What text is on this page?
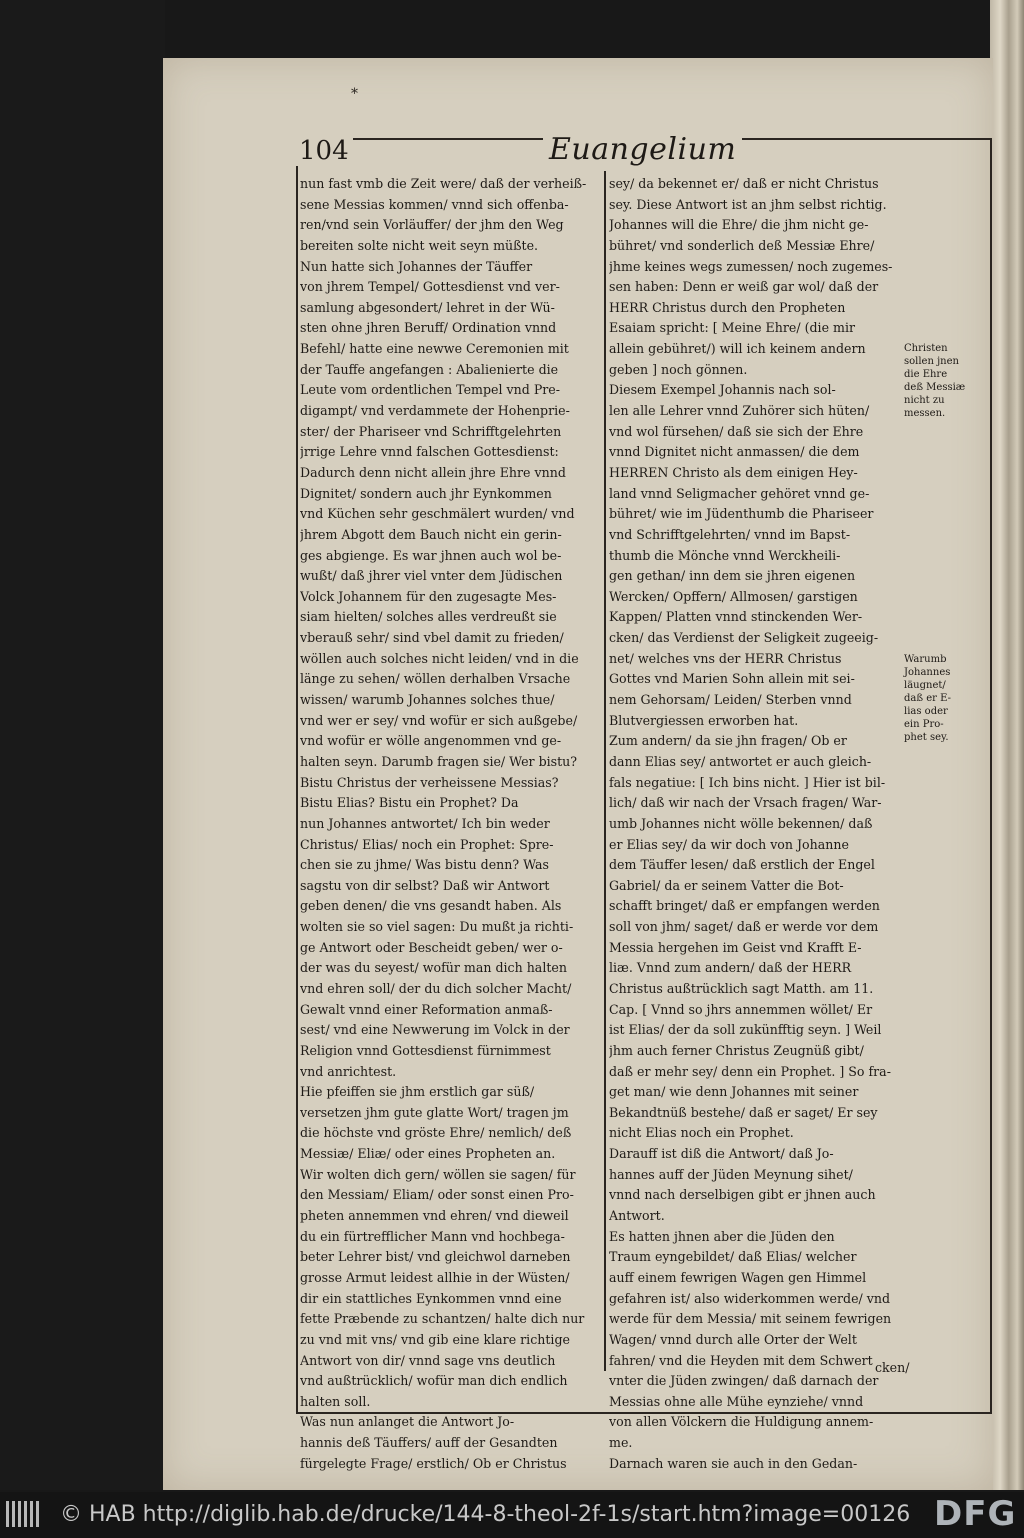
*
104	Euangelium
nun fast vmb die Zeit were/ daß der verheiß-
sene Messias kommen/ vnnd sich offenba-
ren/vnd sein Vorläuffer/ der jhm den Weg
bereiten solte nicht weit seyn müßte.
Nun hatte sich Johannes der Täuffer
von jhrem Tempel/ Gottesdienst vnd ver-
samlung abgesondert/ lehret in der Wü-
sten ohne jhren Beruff/ Ordination vnnd
Befehl/ hatte eine newwe Ceremonien mit
der Tauffe angefangen : Abalienierte die
Leute vom ordentlichen Tempel vnd Pre-
digampt/ vnd verdammete der Hohenprie-
ster/ der Phariseer vnd Schrifftgelehrten
jrrige Lehre vnnd falschen Gottesdienst:
Dadurch denn nicht allein jhre Ehre vnnd
Dignitet/ sondern auch jhr Eynkommen
vnd Küchen sehr geschmälert wurden/ vnd
jhrem Abgott dem Bauch nicht ein gerin-
ges abgienge. Es war jhnen auch wol be-
wußt/ daß jhrer viel vnter dem Jüdischen
Volck Johannem für den zugesagte Mes-
siam hielten/ solches alles verdreußt sie
vberauß sehr/ sind vbel damit zu frieden/
wöllen auch solches nicht leiden/ vnd in die
länge zu sehen/ wöllen derhalben Vrsache
wissen/ warumb Johannes solches thue/
vnd wer er sey/ vnd wofür er sich außgebe/
vnd wofür er wölle angenommen vnd ge-
halten seyn. Darumb fragen sie/ Wer bistu?
Bistu Christus der verheissene Messias?
Bistu Elias? Bistu ein Prophet? Da
nun Johannes antwortet/ Ich bin weder
Christus/ Elias/ noch ein Prophet: Spre-
chen sie zu jhme/ Was bistu denn? Was
sagstu von dir selbst? Daß wir Antwort
geben denen/ die vns gesandt haben. Als
wolten sie so viel sagen: Du mußt ja richti-
ge Antwort oder Bescheidt geben/ wer o-
der was du seyest/ wofür man dich halten
vnd ehren soll/ der du dich solcher Macht/
Gewalt vnnd einer Reformation anmaß-
sest/ vnd eine Newwerung im Volck in der
Religion vnnd Gottesdienst fürnimmest
vnd anrichtest.
Hie pfeiffen sie jhm erstlich gar süß/
versetzen jhm gute glatte Wort/ tragen jm
die höchste vnd gröste Ehre/ nemlich/ deß
Messiæ/ Eliæ/ oder eines Propheten an.
Wir wolten dich gern/ wöllen sie sagen/ für
den Messiam/ Eliam/ oder sonst einen Pro-
pheten annemmen vnd ehren/ vnd dieweil
du ein fürtrefflicher Mann vnd hochbega-
beter Lehrer bist/ vnd gleichwol darneben
grosse Armut leidest allhie in der Wüsten/
dir ein stattliches Eynkommen vnnd eine
fette Præbende zu schantzen/ halte dich nur
zu vnd mit vns/ vnd gib eine klare richtige
Antwort von dir/ vnnd sage vns deutlich
vnd außtrücklich/ wofür man dich endlich
halten soll.
Was nun anlanget die Antwort Jo-
hannis deß Täuffers/ auff der Gesandten
fürgelegte Frage/ erstlich/ Ob er Christus
sey/ da bekennet er/ daß er nicht Christus
sey. Diese Antwort ist an jhm selbst richtig.
Johannes will die Ehre/ die jhm nicht ge-
bühret/ vnd sonderlich deß Messiæ Ehre/
jhme keines wegs zumessen/ noch zugemes-
sen haben: Denn er weiß gar wol/ daß der
HERR Christus durch den Propheten
Esaiam spricht: [ Meine Ehre/ (die mir
allein gebühret/) will ich keinem andern
geben ] noch gönnen.
Diesem Exempel Johannis nach sol-
len alle Lehrer vnnd Zuhörer sich hüten/
vnd wol fürsehen/ daß sie sich der Ehre
vnnd Dignitet nicht anmassen/ die dem
HERREN Christo als dem einigen Hey-
land vnnd Seligmacher gehöret vnnd ge-
bühret/ wie im Jüdenthumb die Phariseer
vnd Schrifftgelehrten/ vnnd im Bapst-
thumb die Mönche vnnd Werckheili-
gen gethan/ inn dem sie jhren eigenen
Wercken/ Opffern/ Allmosen/ garstigen
Kappen/ Platten vnnd stinckenden Wer-
cken/ das Verdienst der Seligkeit zugeeig-
net/ welches vns der HERR Christus
Gottes vnd Marien Sohn allein mit sei-
nem Gehorsam/ Leiden/ Sterben vnnd
Blutvergiessen erworben hat.
Zum andern/ da sie jhn fragen/ Ob er
dann Elias sey/ antwortet er auch gleich-
fals negatiue: [ Ich bins nicht. ] Hier ist bil-
lich/ daß wir nach der Vrsach fragen/ War-
umb Johannes nicht wölle bekennen/ daß
er Elias sey/ da wir doch von Johanne
dem Täuffer lesen/ daß erstlich der Engel
Gabriel/ da er seinem Vatter die Bot-
schafft bringet/ daß er empfangen werden
soll von jhm/ saget/ daß er werde vor dem
Messia hergehen im Geist vnd Krafft E-
liæ. Vnnd zum andern/ daß der HERR
Christus außtrücklich sagt Matth. am 11.
Cap. [ Vnnd so jhrs annemmen wöllet/ Er
ist Elias/ der da soll zukünfftig seyn. ] Weil
jhm auch ferner Christus Zeugnüß gibt/
daß er mehr sey/ denn ein Prophet. ] So fra-
get man/ wie denn Johannes mit seiner
Bekandtnüß bestehe/ daß er saget/ Er sey
nicht Elias noch ein Prophet.
Darauff ist diß die Antwort/ daß Jo-
hannes auff der Jüden Meynung sihet/
vnnd nach derselbigen gibt er jhnen auch
Antwort.
Es hatten jhnen aber die Jüden den
Traum eyngebildet/ daß Elias/ welcher
auff einem fewrigen Wagen gen Himmel
gefahren ist/ also widerkommen werde/ vnd
werde für dem Messia/ mit seinem fewrigen
Wagen/ vnnd durch alle Orter der Welt
fahren/ vnd die Heyden mit dem Schwert
vnter die Jüden zwingen/ daß darnach der
Messias ohne alle Mühe eynziehe/ vnnd
von allen Völckern die Huldigung annem-
me.
Darnach waren sie auch in den Gedan-
Christen
sollen jnen
die Ehre
deß Messiæ
nicht zu
messen.
Warumb
Johannes
läugnet/
daß er E-
lias oder
ein Pro-
phet sey.
cken/
© HAB http://diglib.hab.de/drucke/144-8-theol-2f-1s/start.htm?image=00126 DFG
